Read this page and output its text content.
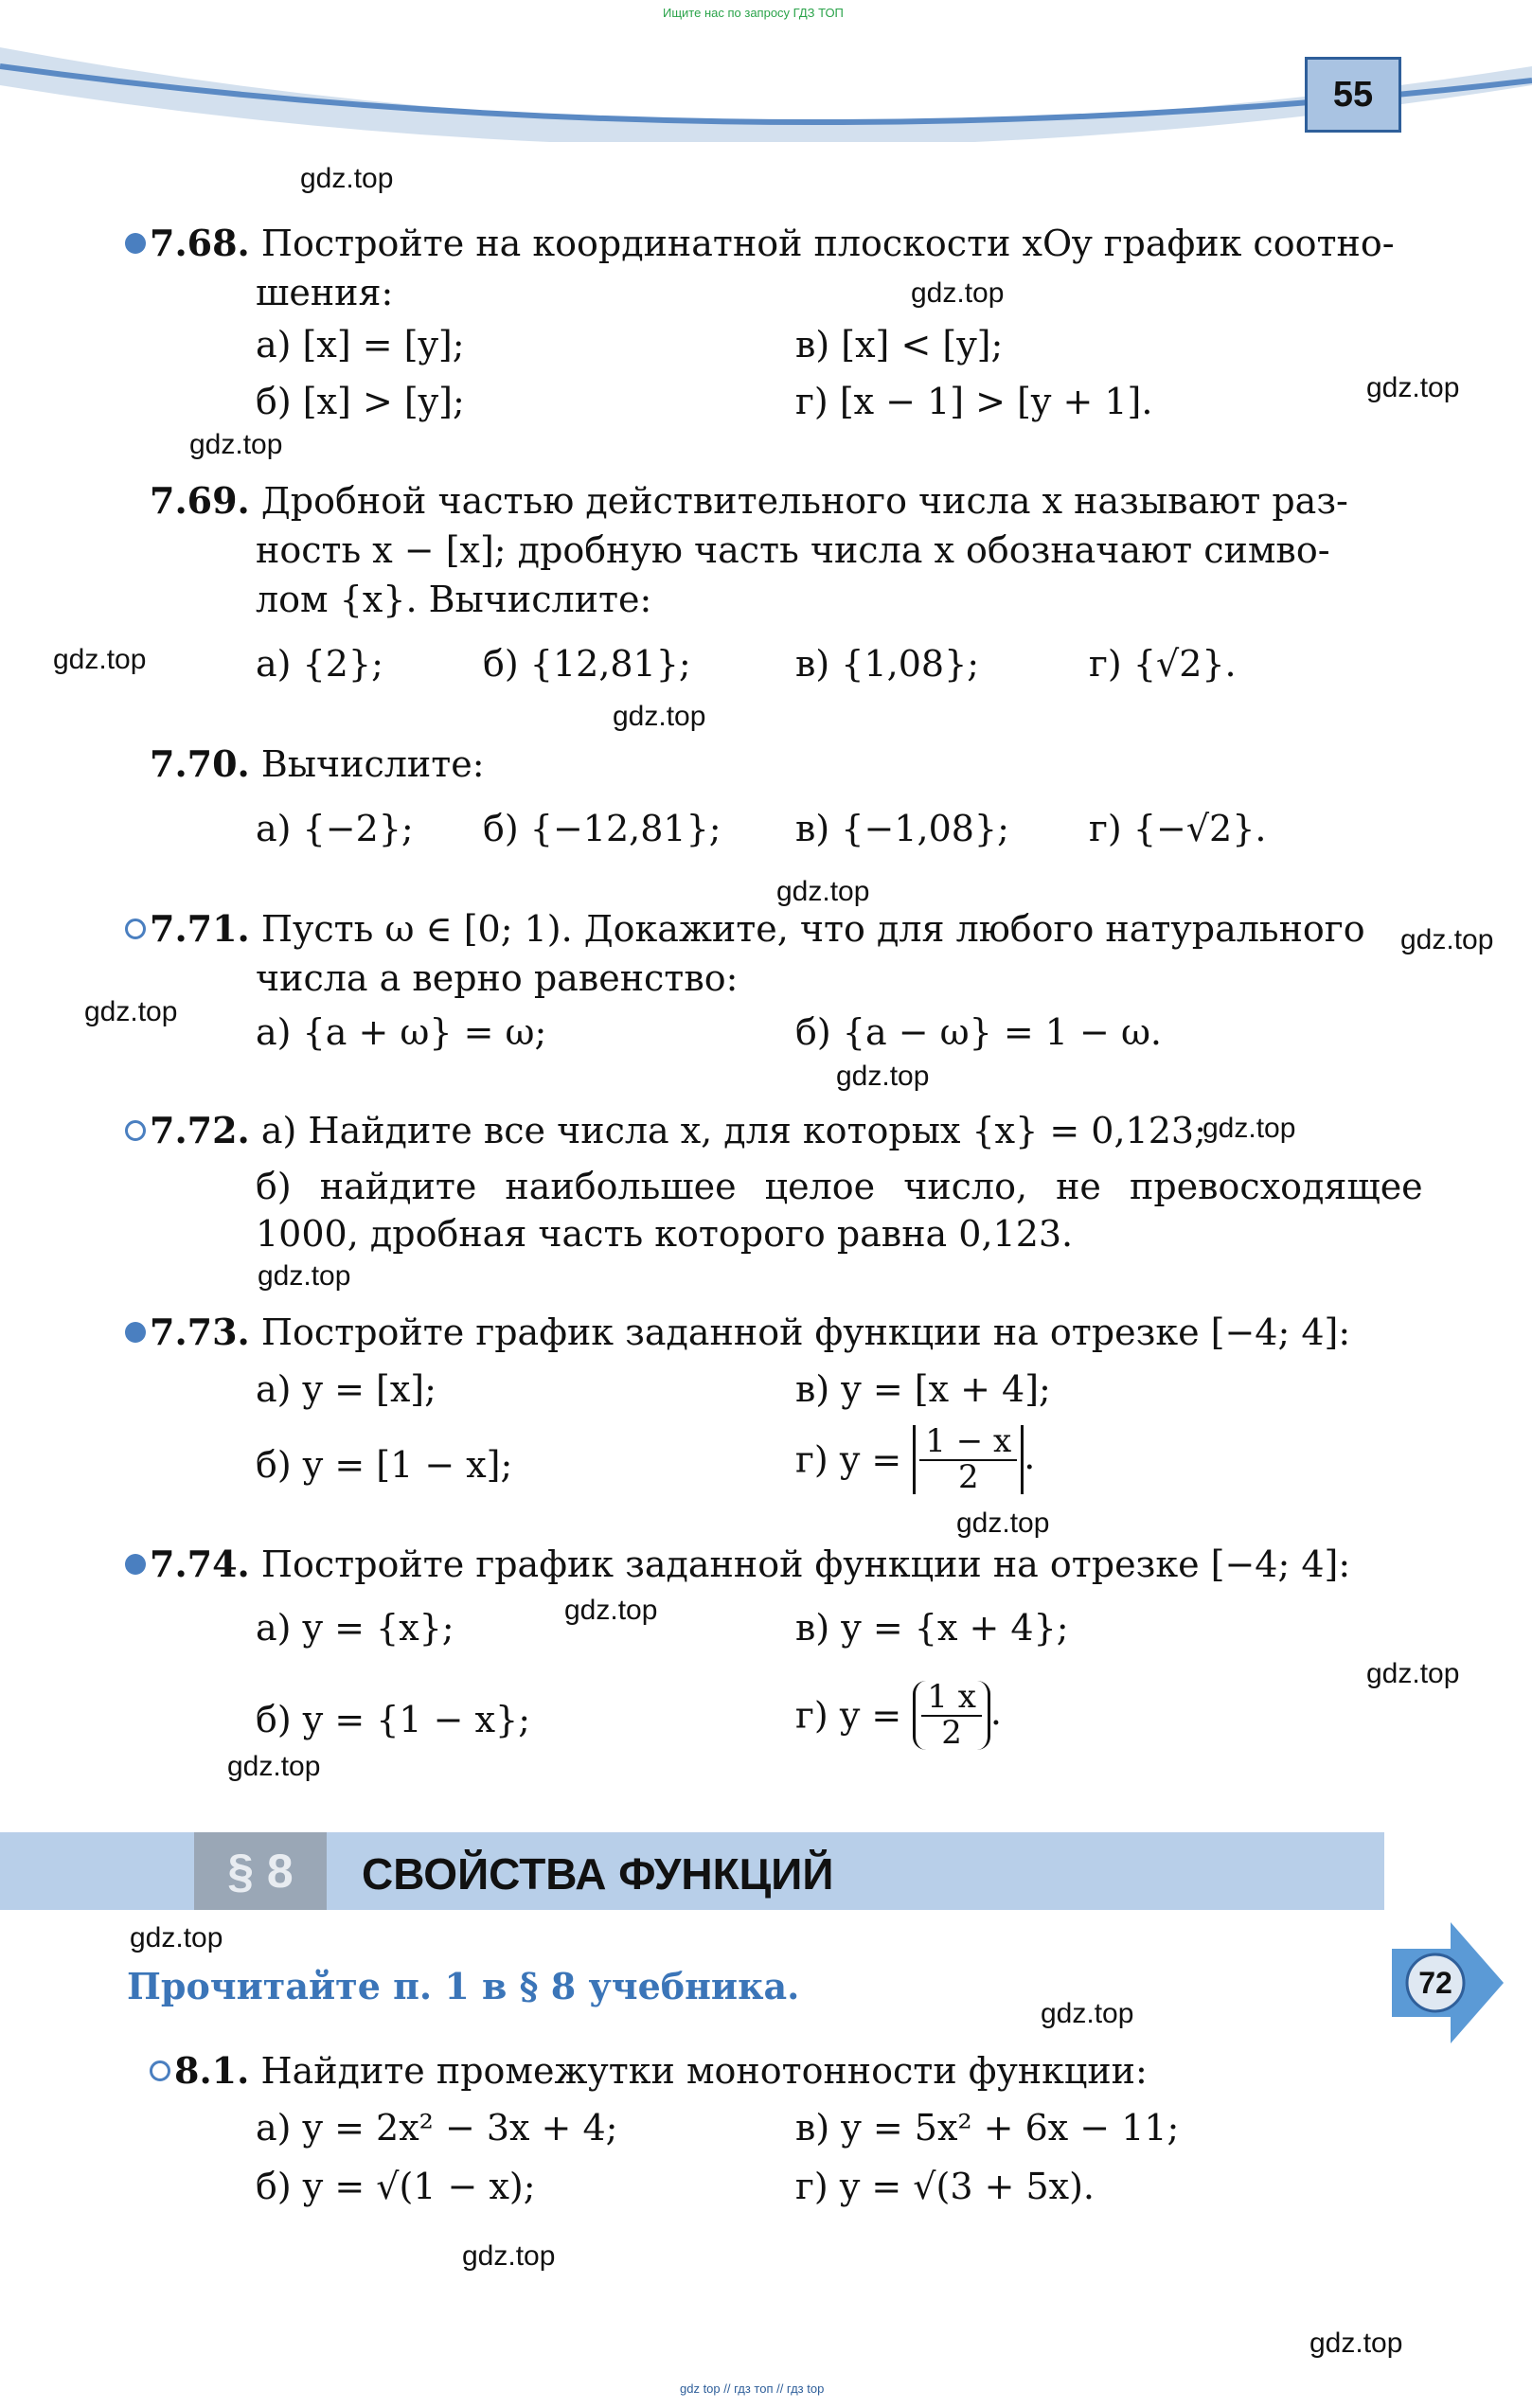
Ищите нас по запросу ГДЗ ТОП
55

gdz.top
gdz.top
gdz.top
gdz.top
gdz.top
gdz.top
gdz.top
gdz.top
gdz.top
gdz.top
gdz.top
gdz.top
gdz.top
gdz.top
gdz.top
gdz.top
gdz.top
gdz.top
gdz.top
gdz.top
7.68. Постройте на координатной плоскости xOy график соотно-
шения:
а) [x] = [y];	в) [x] < [y];
б) [x] > [y];	г) [x − 1] > [y + 1].
7.69. Дробной частью действительного числа x называют раз-
ность x − [x]; дробную часть числа x обозначают симво-
лом {x}. Вычислите:
а) {2};	б) {12,81};	в) {1,08};	г) {√2}.
7.70. Вычислите:
а) {−2}; б) {−12,81}; в) {−1,08}; г) {−√2}.
7.71. Пусть ω ∈ [0; 1). Докажите, что для любого натурального
числа a верно равенство:
а) {a + ω} = ω;	б) {a − ω} = 1 − ω.
7.72. а) Найдите все числа x, для которых {x} = 0,123;
б) найдите наибольшее целое число, не превосходящее
1000, дробная часть которого равна 0,123.
7.73. Постройте график заданной функции на отрезке [−4; 4]:
а) y = [x];	в) y = [x + 4];
б) y = [1 − x];	г) $y = \frac{1 - x}{2}$ .
7.74. Постройте график заданной функции на отрезке [−4; 4]:
а) y = {x};	в) y = {x + 4};
б) y = {1 − x};	г) $y = \frac{1 x}{2}$ .
§ 8	СВОЙСТВА ФУНКЦИЙ
Прочитайте п. 1 в § 8 учебника.	72
8.1. Найдите промежутки монотонности функции:
а) y = 2x² − 3x + 4;	в) y = 5x² + 6x − 11;
б) y = √(1 − x);	г) y = √(3 + 5x).
gdz top // гдз топ // гдз top
